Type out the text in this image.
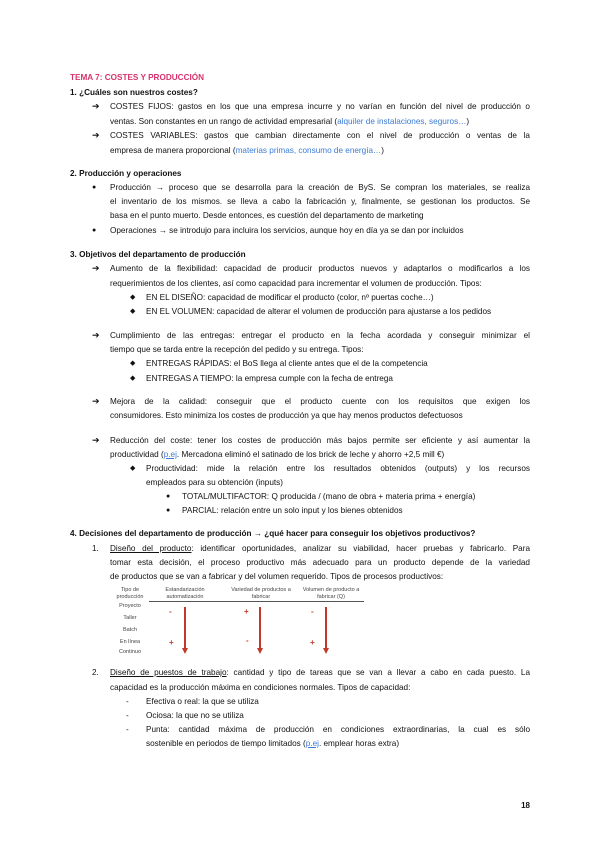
TEMA 7: COSTES Y PRODUCCIÓN
1. ¿Cuáles son nuestros costes?
➔ COSTES FIJOS: gastos en los que una empresa incurre y no varían en función del nivel de producción o
ventas. Son constantes en un rango de actividad empresarial (alquiler de instalaciones, seguros…)
➔ COSTES VARIABLES: gastos que cambian directamente con el nivel de producción o ventas de la
empresa de manera proporcional (materias primas, consumo de energía…)
2. Producción y operaciones
● Producción → proceso que se desarrolla para la creación de ByS. Se compran los materiales, se realiza
el inventario de los mismos. se lleva a cabo la fabricación y, finalmente, se gestionan los productos. Se
basa en el punto muerto. Desde entonces, es cuestión del departamento de marketing
● Operaciones → se introdujo para incluira los servicios, aunque hoy en día ya se dan por incluidos
3. Objetivos del departamento de producción
➔ Aumento de la flexibilidad: capacidad de producir productos nuevos y adaptarlos o modificarlos a los
requerimientos de los clientes, así como capacidad para incrementar el volumen de producción. Tipos:
◆ EN EL DISEÑO: capacidad de modificar el producto (color, nº puertas coche…)
◆ EN EL VOLUMEN: capacidad de alterar el volumen de producción para ajustarse a los pedidos
➔ Cumplimiento de las entregas: entregar el producto en la fecha acordada y conseguir minimizar el
tiempo que se tarda entre la recepción del pedido y su entrega. Tipos:
◆ ENTREGAS RÁPIDAS: el BoS llega al cliente antes que el de la competencia
◆ ENTREGAS A TIEMPO: la empresa cumple con la fecha de entrega
➔ Mejora de la calidad: conseguir que el producto cuente con los requisitos que exigen los
consumidores. Esto minimiza los costes de producción ya que hay menos productos defectuosos
➔ Reducción del coste: tener los costes de producción más bajos permite ser eficiente y así aumentar la
productividad (p.ej. Mercadona eliminó el satinado de los brick de leche y ahorro +2,5 mill €)
◆ Productividad: mide la relación entre los resultados obtenidos (outputs) y los recursos
empleados para su obtención (inputs)
● TOTAL/MULTIFACTOR: Q producida / (mano de obra + materia prima + energía)
● PARCIAL: relación entre un solo input y los bienes obtenidos
4. Decisiones del departamento de producción → ¿qué hacer para conseguir los objetivos productivos?
1. Diseño del producto: identificar oportunidades, analizar su viabilidad, hacer pruebas y fabricarlo. Para
tomar esta decisión, el proceso productivo más adecuado para un producto depende de la variedad
de productos que se van a fabricar y del volumen requerido. Tipos de procesos productivos:
Tipo de producción
Estandarización automatización
Variedad de productos a fabricar
Volumen de producto a fabricar (Q)
Proyecto
Taller
Batch
En línea
Continuo
-
+
+
-
-
+
2. Diseño de puestos de trabajo: cantidad y tipo de tareas que se van a llevar a cabo en cada puesto. La
capacidad es la producción máxima en condiciones normales. Tipos de capacidad:
- Efectiva o real: la que se utiliza
- Ociosa: la que no se utiliza
- Punta: cantidad máxima de producción en condiciones extraordinarias, la cual es sólo
sostenible en periodos de tiempo limitados (p.ej. emplear horas extra)
18
